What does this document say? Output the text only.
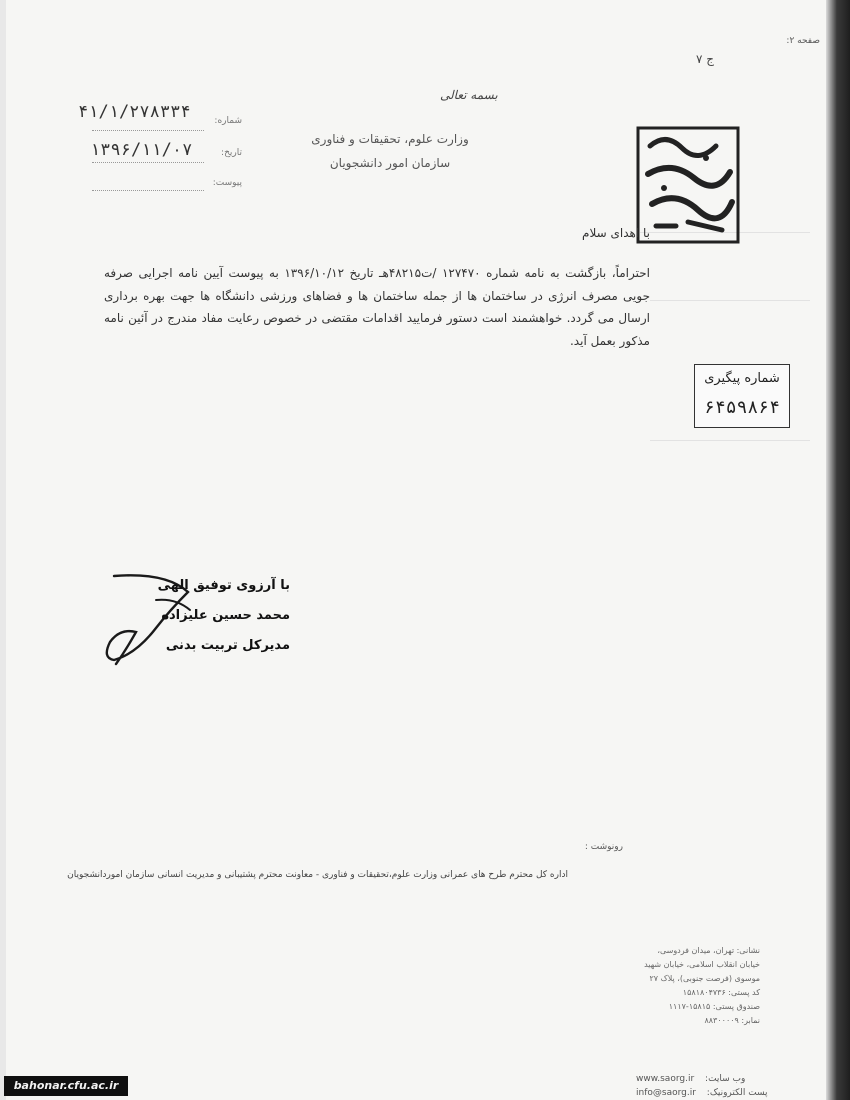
صفحه ۲:
ج ۷
بسمه تعالی
وزارت علوم، تحقیقات و فناوری
سازمان امور دانشجویان
شماره:
۴۱/۱/۲۷۸۳۳۴
تاریخ:
۱۳۹۶/۱۱/۰۷
پیوست:
با اهدای سلام
احتراماً، بازگشت به نامه شماره ۱۲۷۴۷۰ /ت۴۸۲۱۵هـ تاریخ ۱۳۹۶/۱۰/۱۲ به پیوست آیین نامه اجرایی صرفه جویی مصرف انرژی در ساختمان ها از جمله ساختمان ها و فضاهای ورزشی دانشگاه ها جهت بهره برداری ارسال می گردد. خواهشمند است دستور فرمایید اقدامات مقتضی در خصوص رعایت مفاد مندرج در آئین نامه مذکور بعمل آید.
شماره پیگیری
۶۴۵۹۸۶۴
با آرزوی توفیق الهی
محمد حسین علیزاده
مدیرکل تربیت بدنی
رونوشت :
اداره کل محترم طرح های عمرانی وزارت علوم،تحقیقات و فناوری - معاونت محترم پشتیبانی و مدیریت انسانی سازمان اموردانشجویان
نشانی: تهران، میدان فردوسی،
خیابان انقلاب اسلامی، خیابان شهید
موسوی (فرصت جنوبی)، پلاک ۲۷
کد پستی: ۱۵۸۱۸۰۴۷۳۶
صندوق پستی: ۱۵۸۱۵-۱۱۱۷
نمابر: ۸۸۳۰۰۰۰۹
www.saorg.ir وب سایت:
info@saorg.ir پست الکترونیک:
bahonar.cfu.ac.ir
